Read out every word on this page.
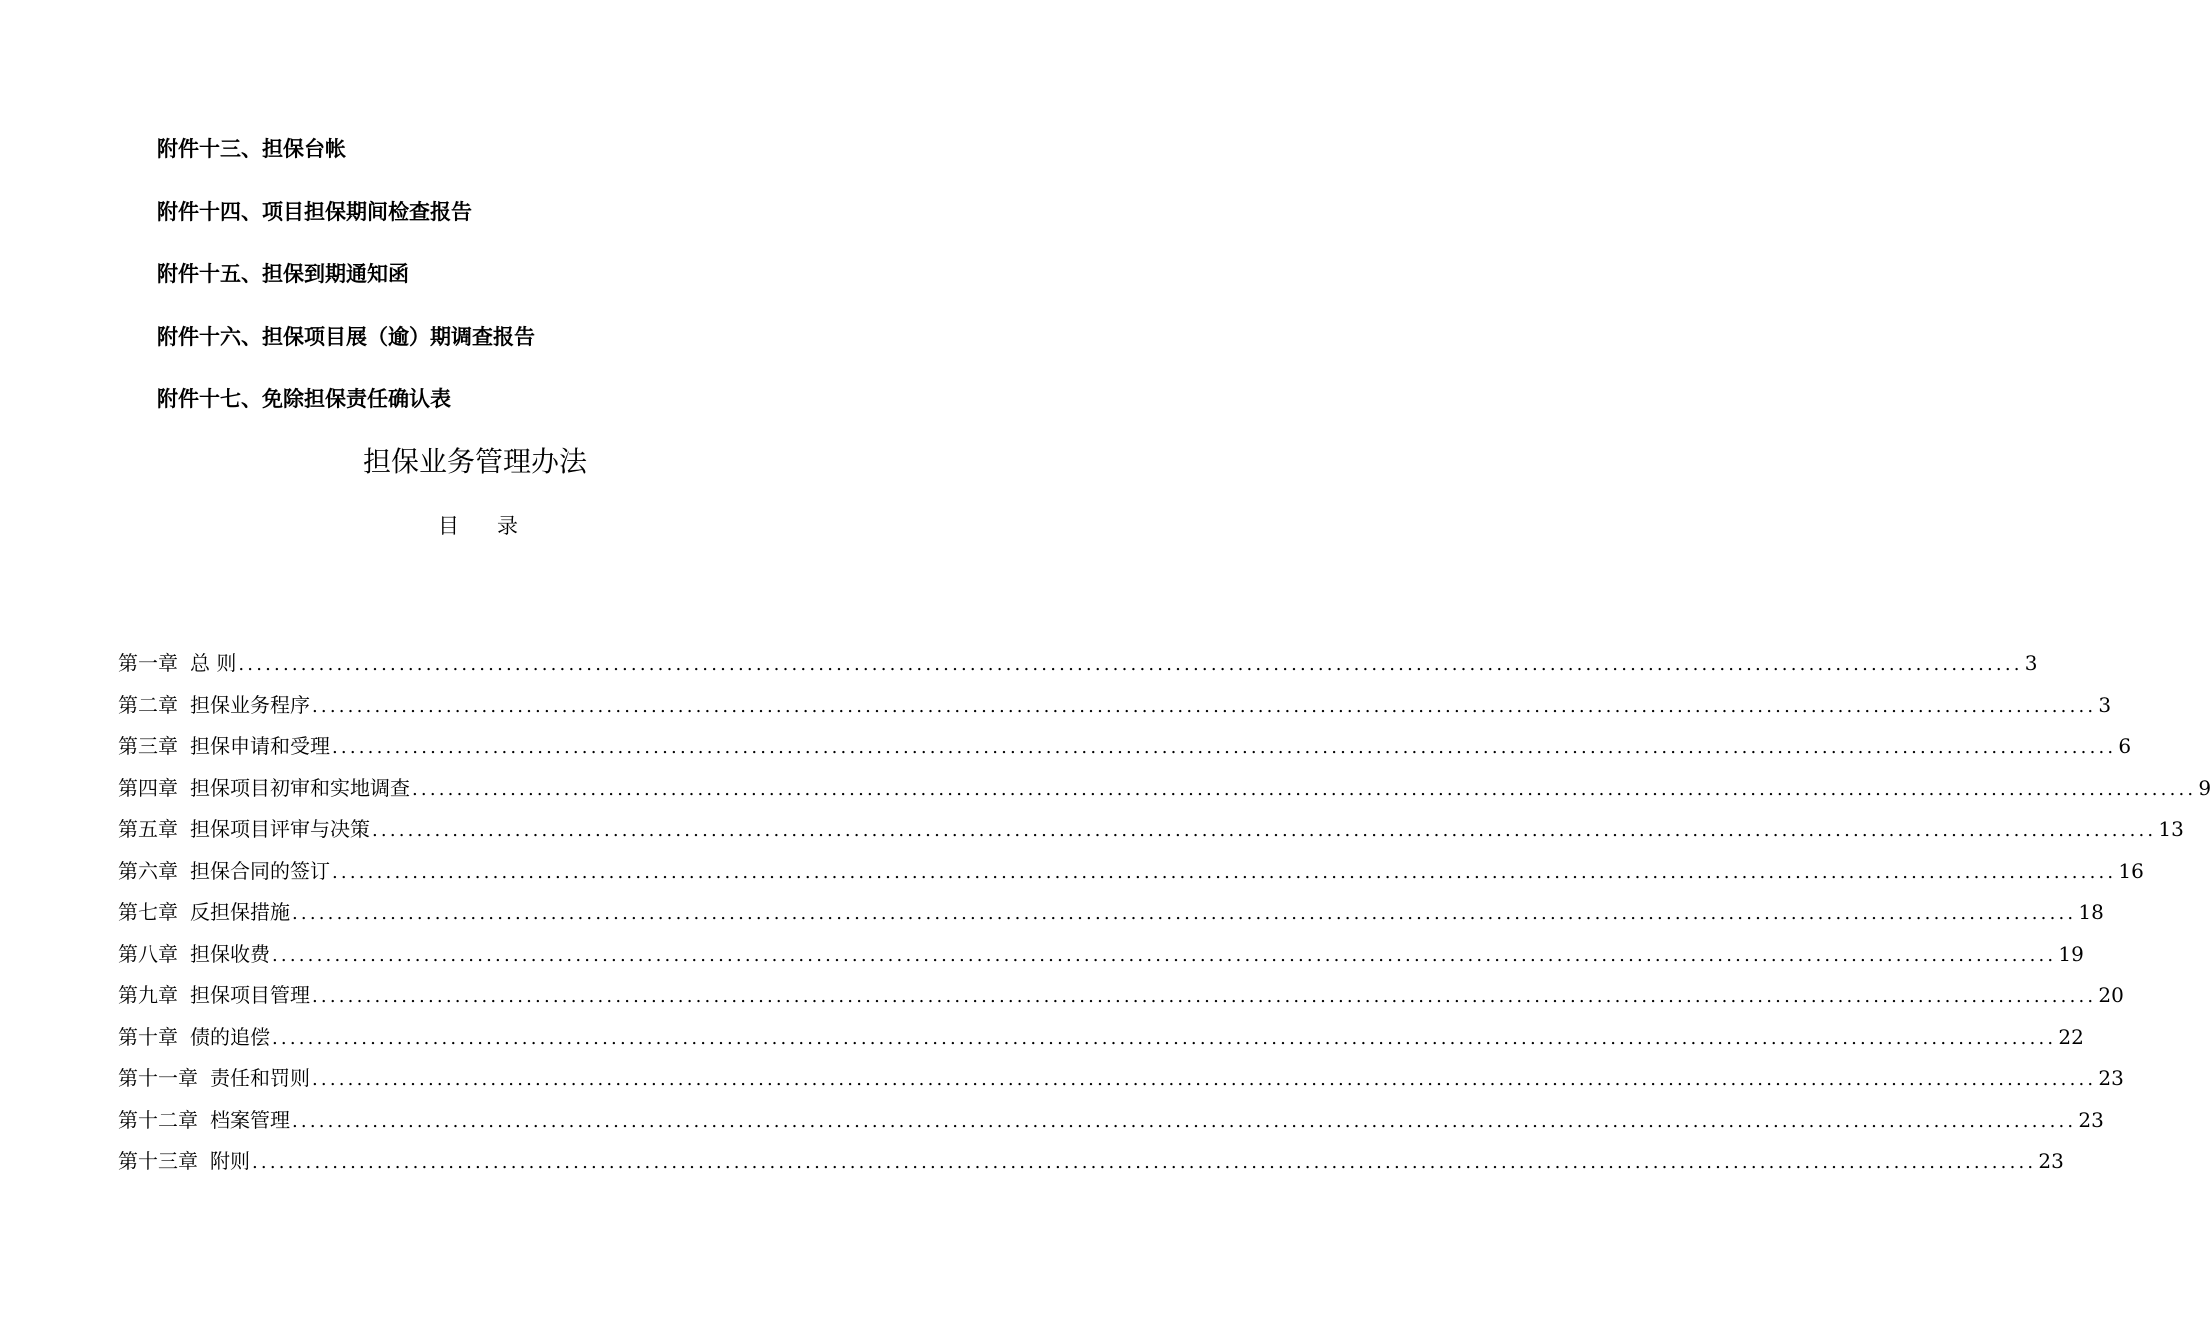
附件十三、担保台帐
附件十四、项目担保期间检查报告
附件十五、担保到期通知函
附件十六、担保项目展（逾）期调查报告
附件十七、免除担保责任确认表
担保业务管理办法
目 录
第一章 总 则 ........................................................................................................................................................................................................ 3
第二章 担保业务程序 ........................................................................................................................................................................................................ 3
第三章 担保申请和受理 ........................................................................................................................................................................................................ 6
第四章 担保项目初审和实地调查 ........................................................................................................................................................................................................ 9
第五章 担保项目评审与决策 ........................................................................................................................................................................................................ 13
第六章 担保合同的签订 ........................................................................................................................................................................................................ 16
第七章 反担保措施 ........................................................................................................................................................................................................ 18
第八章 担保收费 ........................................................................................................................................................................................................ 19
第九章 担保项目管理 ........................................................................................................................................................................................................ 20
第十章 债的追偿 ........................................................................................................................................................................................................ 22
第十一章 责任和罚则 ........................................................................................................................................................................................................ 23
第十二章 档案管理 ........................................................................................................................................................................................................ 23
第十三章 附则 ........................................................................................................................................................................................................ 23
